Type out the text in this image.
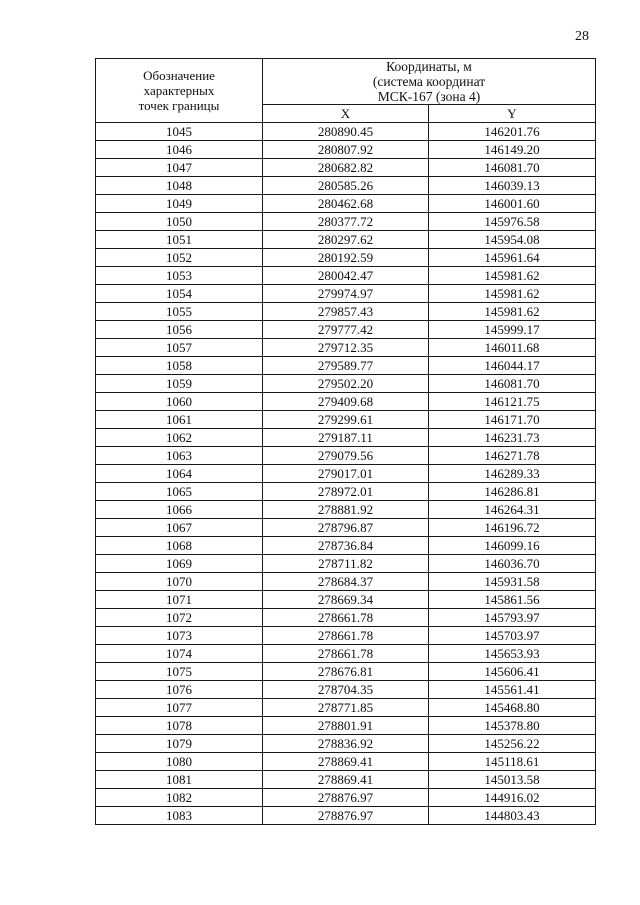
28
Обозначение
характерных
точек границы	Координаты, м
(система координат
МСК-167 (зона 4)	

	X	Y
1045	280890.45	146201.76
1046	280807.92	146149.20
1047	280682.82	146081.70
1048	280585.26	146039.13
1049	280462.68	146001.60
1050	280377.72	145976.58
1051	280297.62	145954.08
1052	280192.59	145961.64
1053	280042.47	145981.62
1054	279974.97	145981.62
1055	279857.43	145981.62
1056	279777.42	145999.17
1057	279712.35	146011.68
1058	279589.77	146044.17
1059	279502.20	146081.70
1060	279409.68	146121.75
1061	279299.61	146171.70
1062	279187.11	146231.73
1063	279079.56	146271.78
1064	279017.01	146289.33
1065	278972.01	146286.81
1066	278881.92	146264.31
1067	278796.87	146196.72
1068	278736.84	146099.16
1069	278711.82	146036.70
1070	278684.37	145931.58
1071	278669.34	145861.56
1072	278661.78	145793.97
1073	278661.78	145703.97
1074	278661.78	145653.93
1075	278676.81	145606.41
1076	278704.35	145561.41
1077	278771.85	145468.80
1078	278801.91	145378.80
1079	278836.92	145256.22
1080	278869.41	145118.61
1081	278869.41	145013.58
1082	278876.97	144916.02
1083	278876.97	144803.43
